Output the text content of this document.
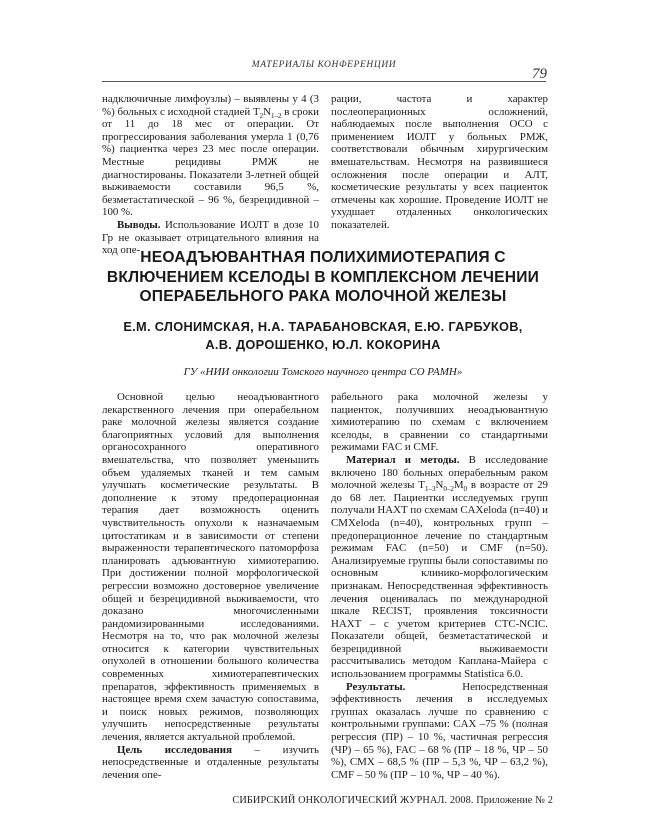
МАТЕРИАЛЫ КОНФЕРЕНЦИИ
79

надключичные лимфоузлы) – выявлены у 4 (3 %) больных с исходной стадией $T_2N_{1-2}$ в сроки от 11 до 18 мес от операции. От прогрессирования заболевания умерла 1 (0,76 %) пациентка через 23 мес после операции. Местные рецидивы РМЖ не диагностированы. Показатели 3-летней общей выживаемости составили 96,5 %, безметастатической – 96 %, безрецидивной – 100 %.

Выводы. Использование ИОЛТ в дозе 10 Гр не оказывает отрицательного влияния на ход опе-

рации, частота и характер послеоперационных осложнений, наблюдаемых после выполнения ОСО с применением ИОЛТ у больных РМЖ, соответствовали обычным хирургическим вмешательствам. Несмотря на развившиеся осложнения после операции и АЛТ, косметические результаты у всех пациенток отмечены как хорошие. Проведение ИОЛТ не ухудшает отдаленных онкологических показателей.

НЕОАДЪЮВАНТНАЯ ПОЛИХИМИОТЕРАПИЯ С ВКЛЮЧЕНИЕМ КСЕЛОДЫ В КОМПЛЕКСНОМ ЛЕЧЕНИИ ОПЕРАБЕЛЬНОГО РАКА МОЛОЧНОЙ ЖЕЛЕЗЫ
Е.М. СЛОНИМСКАЯ, Н.А. ТАРАБАНОВСКАЯ, Е.Ю. ГАРБУКОВ,
А.В. ДОРОШЕНКО, Ю.Л. КОКОРИНА
ГУ «НИИ онкологии Томского научного центра СО РАМН»

Основной целью неоадъювантного лекарственного лечения при операбельном раке молочной железы является создание благоприятных условий для выполнения органосохранного оперативного вмешательства, что позволяет уменьшить объем удаляемых тканей и тем самым улучшать косметические результаты. В дополнение к этому предоперационная терапия дает возможность оценить чувствительность опухоли к назначаемым цитостатикам и в зависимости от степени выраженности терапевтического патоморфоза планировать адъювантную химиотерапию. При достижении полной морфологической регрессии возможно достоверное увеличение общей и безрецидивной выживаемости, что доказано многочисленными рандомизированными исследованиями. Несмотря на то, что рак молочной железы относится к категории чувствительных опухолей в отношении большого количества современных химиотерапевтических препаратов, эффективность применяемых в настоящее время схем зачастую сопоставима, и поиск новых режимов, позволяющих улучшить непосредственные результаты лечения, является актуальной проблемой.

Цель исследования – изучить непосредственные и отдаленные результаты лечения опе-

рабельного рака молочной железы у пациенток, получивших неоадъювантную химиотерапию по схемам с включением кселоды, в сравнении со стандартными режимами FAC и CMF.

Материал и методы. В исследование включено 180 больных операбельным раком молочной железы $T_{1-3}N_{0-2}M_0$ в возрасте от 29 до 68 лет. Пациентки исследуемых групп получали НАХТ по схемам CAXeloda (n=40) и CMXeloda (n=40), контрольных групп – предоперационное лечение по стандартным режимам FAC (n=50) и CMF (n=50). Анализируемые группы были сопоставимы по основным клинико-морфологическим признакам. Непосредственная эффективность лечения оценивалась по международной шкале RECIST, проявления токсичности НАХТ – с учетом критериев CTC-NCIC. Показатели общей, безметастатической и безрецидивной выживаемости рассчитывались методом Каплана-Майера с использованием программы Statistica 6.0.

Результаты. Непосредственная эффективность лечения в исследуемых группах оказалась лучше по сравнению с контрольными группами: CAX –75 % (полная регрессия (ПР) – 10 %, частичная регрессия (ЧР) – 65 %), FAC – 68 % (ПР – 18 %, ЧР – 50 %), CMX – 68,5 % (ПР – 5,3 %, ЧР – 63,2 %), CMF – 50 % (ПР – 10 %, ЧР – 40 %).

СИБИРСКИЙ ОНКОЛОГИЧЕСКИЙ ЖУРНАЛ. 2008. Приложение № 2
